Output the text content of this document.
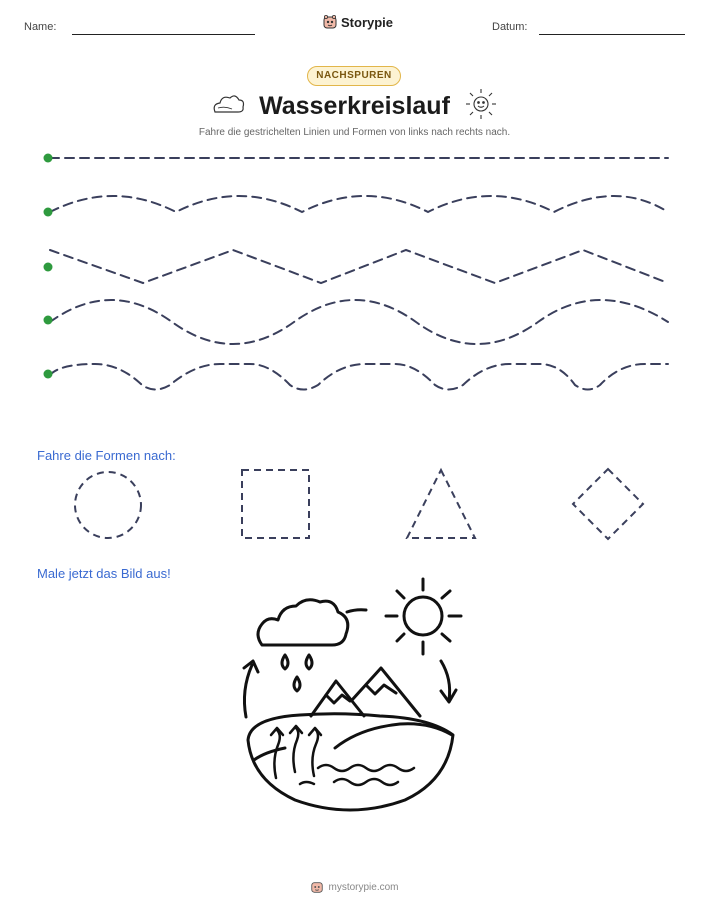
Name:	Storypie	Datum:
NACHSPUREN
Wasserkreislauf
Fahre die gestrichelten Linien und Formen von links nach rechts nach.
Fahre die Formen nach:
Male jetzt das Bild aus!
mystorypie.com
